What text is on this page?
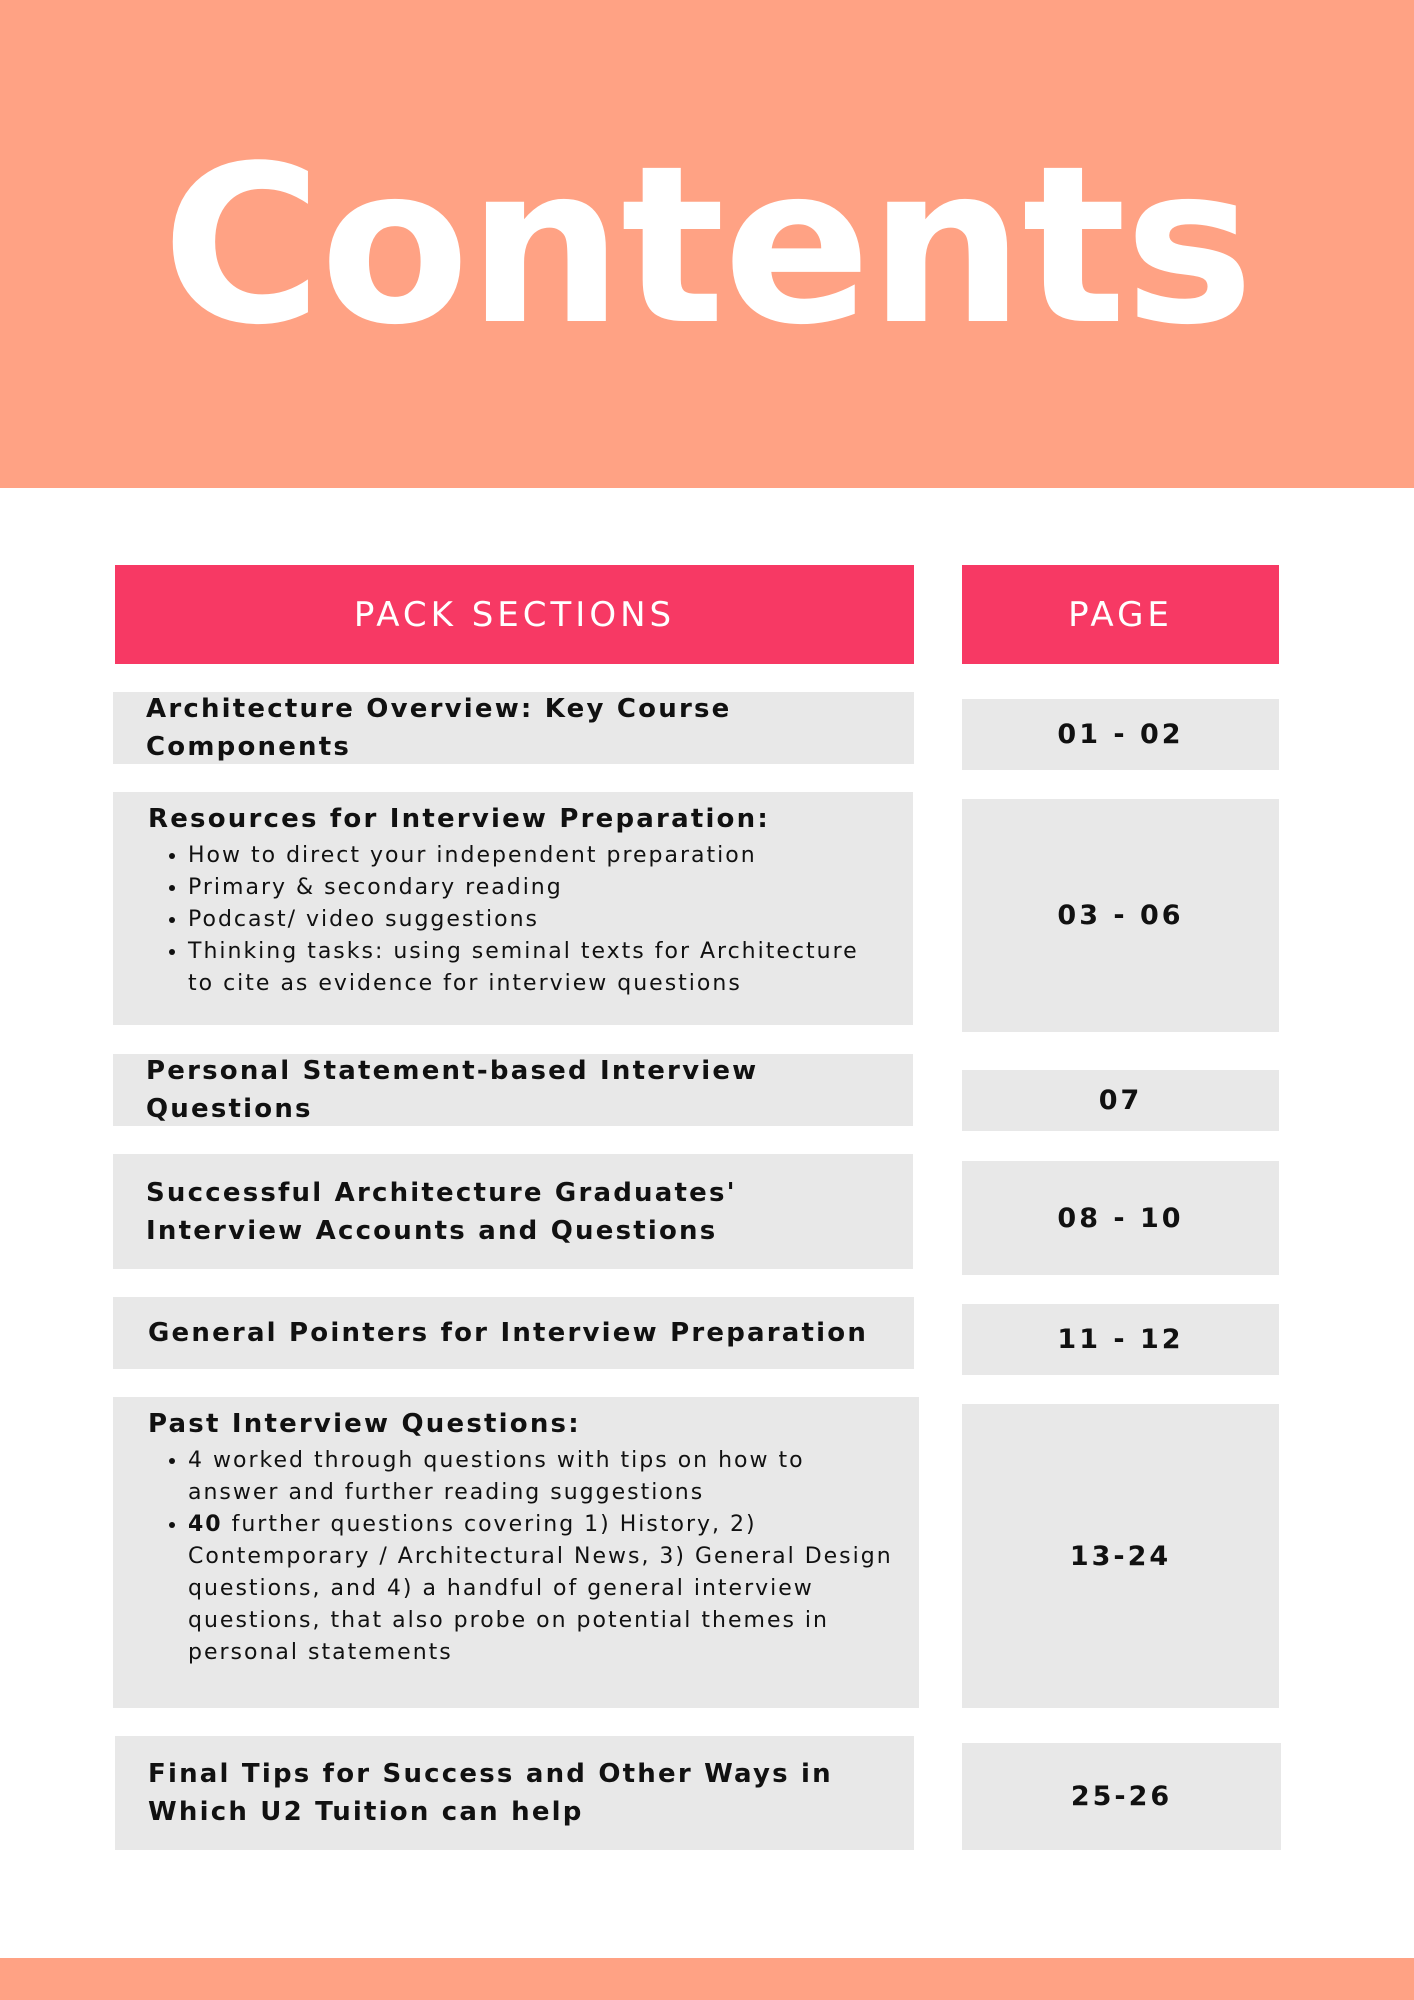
Contents
PACK SECTIONS	PAGE
Architecture Overview: Key Course Components	01 - 02
Resources for Interview Preparation:
• How to direct your independent preparation
• Primary & secondary reading
• Podcast/ video suggestions
• Thinking tasks: using seminal texts for Architecture to cite as evidence for interview questions
03 - 06
Personal Statement-based Interview Questions	07
Successful Architecture Graduates'
Interview Accounts and Questions	08 - 10
General Pointers for Interview Preparation	11 - 12
Past Interview Questions:
• 4 worked through questions with tips on how to answer and further reading suggestions
• 40 further questions covering 1) History, 2) Contemporary / Architectural News, 3) General Design questions, and 4) a handful of general interview questions, that also probe on potential themes in personal statements
13-24
Final Tips for Success and Other Ways in
Which U2 Tuition can help	25-26
